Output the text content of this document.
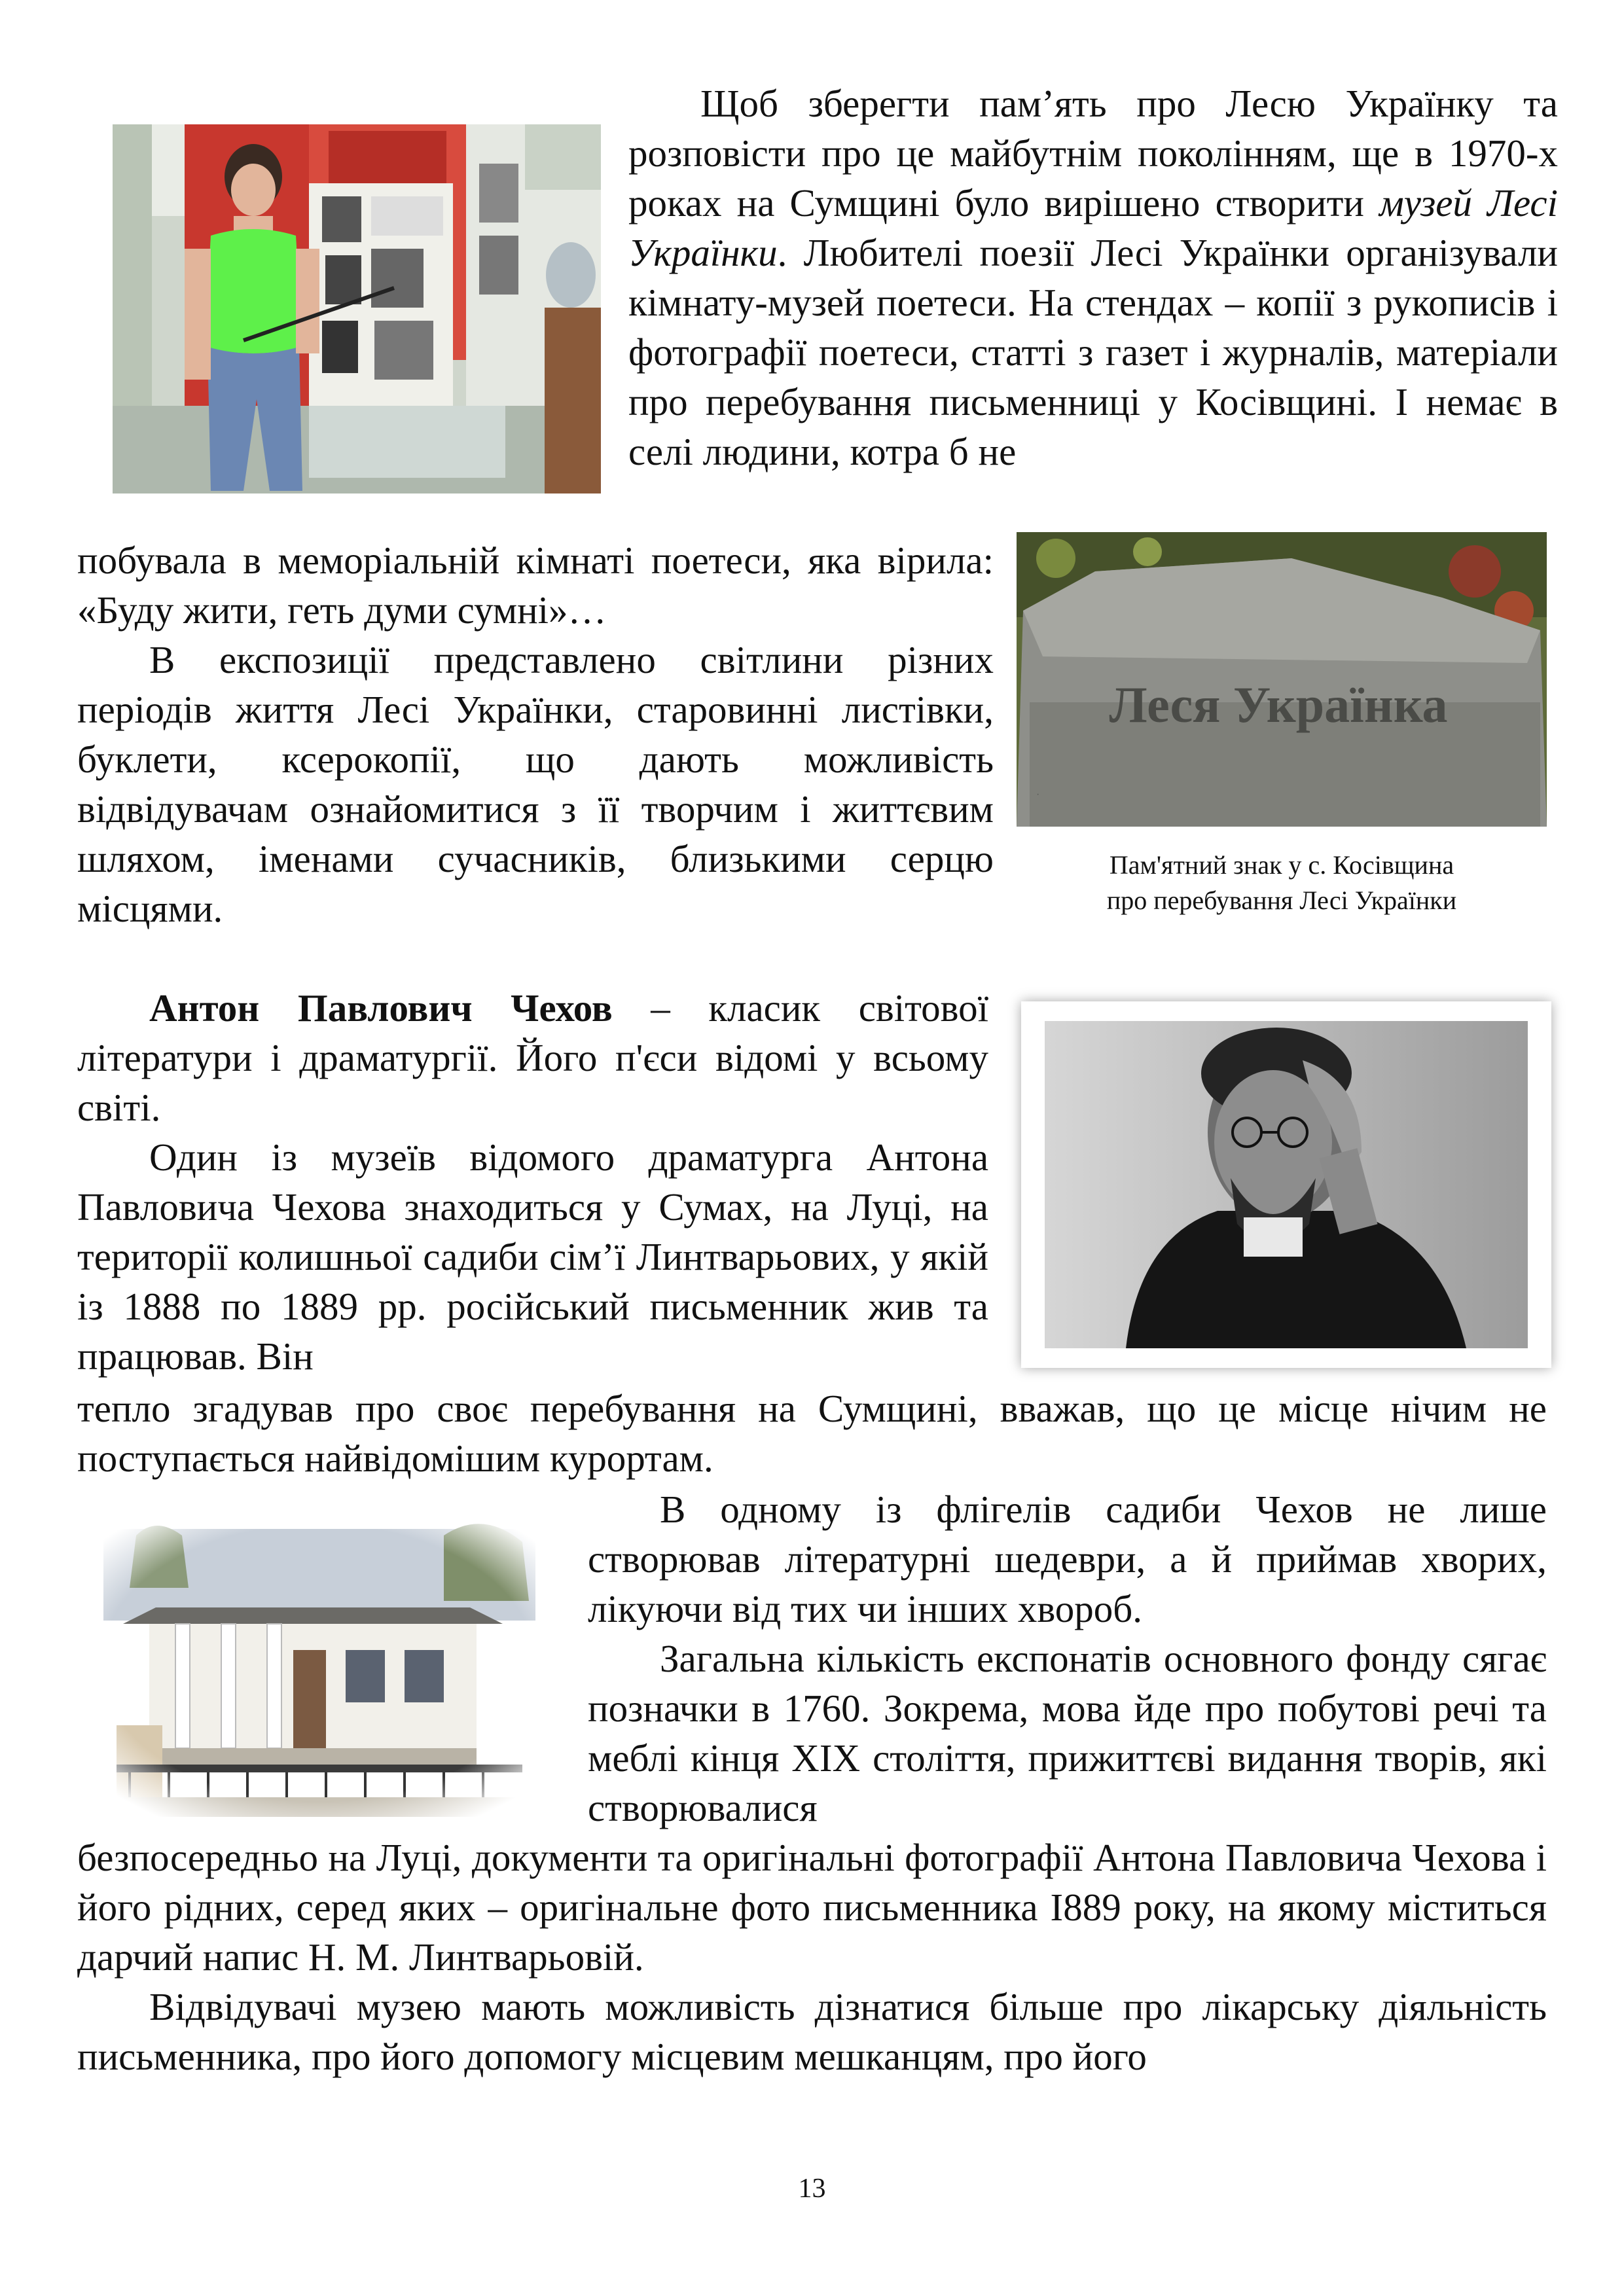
Щоб зберегти пам’ять про Лесю Українку та розповісти про це майбутнім поколінням, ще в 1970-х роках на Сумщині було вирішено створити музей Лесі Українки. Любителі поезії Лесі Українки організували кімнату-музей поетеси. На стендах – копії з рукописів і фотографії поетеси, статті з газет і журналів, матеріали про перебування письменниці у Косівщині. І немає в селі людини, котра б не

побувала в меморіальній кімнаті поетеси, яка вірила: «Буду жити, геть думи сумні»…

В експозиції представлено світлини різних періодів життя Лесі Українки, старовинні листівки, буклети, ксерокопії, що дають можливість відвідувачам ознайомитися з її творчим і життєвим шляхом, іменами сучасників, близькими серцю місцями.

Леся Українка
·
Пам'ятний знак у с. Косівщина
про перебування Лесі Українки

Антон Павлович Чехов – класик світової літератури і драматургії. Його п'єси відомі у всьому світі.

Один із музеїв відомого драматурга Антона Павловича Чехова знаходиться у Сумах, на Луці, на території колишньої садиби сім’ї Линтварьових, у якій із 1888 по 1889 рр. російський письменник жив та працював. Він

тепло згадував про своє перебування на Сумщині, вважав, що це місце нічим не поступається найвідомішим курортам.

В одному із флігелів садиби Чехов не лише створював літературні шедеври, а й приймав хворих, лікуючи від тих чи інших хвороб.

Загальна кількість експонатів основного фонду сягає позначки в 1760. Зокрема, мова йде про побутові речі та меблі кінця XIX століття, прижиттєві видання творів, які створювалися

безпосередньо на Луці, документи та оригінальні фотографії Антона Павловича Чехова і його рідних, серед яких – оригінальне фото письменника І889 року, на якому міститься дарчий напис Н. М. Линтварьовій.

Відвідувачі музею мають можливість дізнатися більше про лікарську діяльність письменника, про його допомогу місцевим мешканцям, про його

13
